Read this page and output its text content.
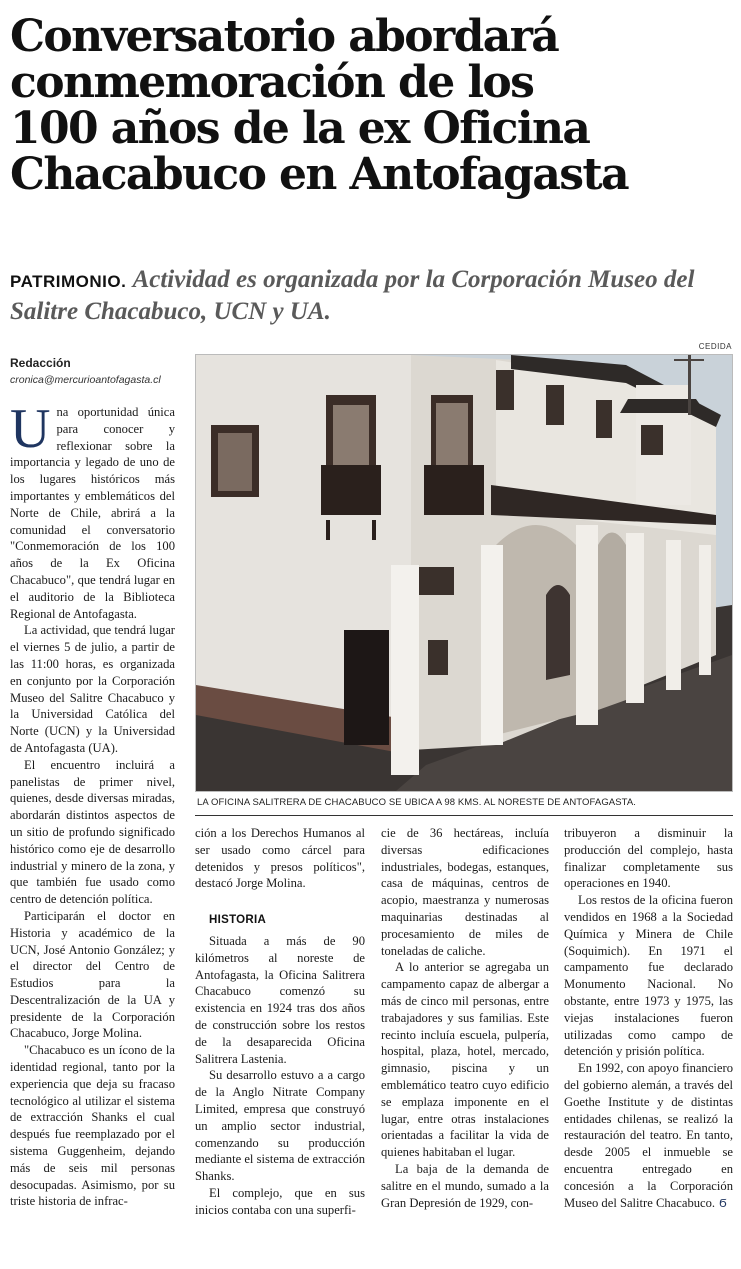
Conversatorio abordará
conmemoración de los
100 años de la ex Oficina
Chacabuco en Antofagasta
PATRIMONIO. Actividad es organizada por la Corporación Museo del Salitre Chacabuco, UCN y UA.
Redacción
cronica@mercurioantofagasta.cl
CEDIDA
LA OFICINA SALITRERA DE CHACABUCO SE UBICA A 98 KMS. AL NORESTE DE ANTOFAGASTA.

Una oportunidad única para conocer y reflexionar sobre la importancia y legado de uno de los lugares históricos más importantes y emblemáticos del Norte de Chile, abrirá a la comunidad el conversatorio "Conmemoración de los 100 años de la Ex Oficina Chacabuco", que tendrá lugar en el auditorio de la Biblioteca Regional de Antofagasta.

La actividad, que tendrá lugar el viernes 5 de julio, a partir de las 11:00 horas, es organizada en conjunto por la Corporación Museo del Salitre Chacabuco y la Universidad Católica del Norte (UCN) y la Universidad de Antofagasta (UA).

El encuentro incluirá a panelistas de primer nivel, quienes, desde diversas miradas, abordarán distintos aspectos de un sitio de profundo significado histórico como eje de desarrollo industrial y minero de la zona, y que también fue usado como centro de detención política.

Participarán el doctor en Historia y académico de la UCN, José Antonio González; y el director del Centro de Estudios para la Descentralización de la UA y presidente de la Corporación Chacabuco, Jorge Molina.

"Chacabuco es un ícono de la identidad regional, tanto por la experiencia que deja su fracaso tecnológico al utilizar el sistema de extracción Shanks el cual después fue reemplazado por el sistema Guggenheim, dejando más de seis mil personas desocupadas. Asimismo, por su triste historia de infrac-

ción a los Derechos Humanos al ser usado como cárcel para detenidos y presos políticos", destacó Jorge Molina.

HISTORIA

Situada a más de 90 kilómetros al noreste de Antofagasta, la Oficina Salitrera Chacabuco comenzó su existencia en 1924 tras dos años de construcción sobre los restos de la desaparecida Oficina Salitrera Lastenia.

Su desarrollo estuvo a a cargo de la Anglo Nitrate Company Limited, empresa que construyó un amplio sector industrial, comenzando su producción mediante el sistema de extracción Shanks.

El complejo, que en sus inicios contaba con una superfi-

cie de 36 hectáreas, incluía diversas edificaciones industriales, bodegas, estanques, casa de máquinas, centros de acopio, maestranza y numerosas maquinarias destinadas al procesamiento de miles de toneladas de caliche.

A lo anterior se agregaba un campamento capaz de albergar a más de cinco mil personas, entre trabajadores y sus familias. Este recinto incluía escuela, pulpería, hospital, plaza, hotel, mercado, gimnasio, piscina y un emblemático teatro cuyo edificio se emplaza imponente en el lugar, entre otras instalaciones orientadas a facilitar la vida de quienes habitaban el lugar.

La baja de la demanda de salitre en el mundo, sumado a la Gran Depresión de 1929, con-

tribuyeron a disminuir la producción del complejo, hasta finalizar completamente sus operaciones en 1940.

Los restos de la oficina fueron vendidos en 1968 a la Sociedad Química y Minera de Chile (Soquimich). En 1971 el campamento fue declarado Monumento Nacional. No obstante, entre 1973 y 1975, las viejas instalaciones fueron utilizadas como campo de detención y prisión política.

En 1992, con apoyo financiero del gobierno alemán, a través del Goethe Institute y de distintas entidades chilenas, se realizó la restauración del teatro. En tanto, desde 2005 el inmueble se encuentra entregado en concesión a la Corporación Museo del Salitre Chacabuco. Ϭ
